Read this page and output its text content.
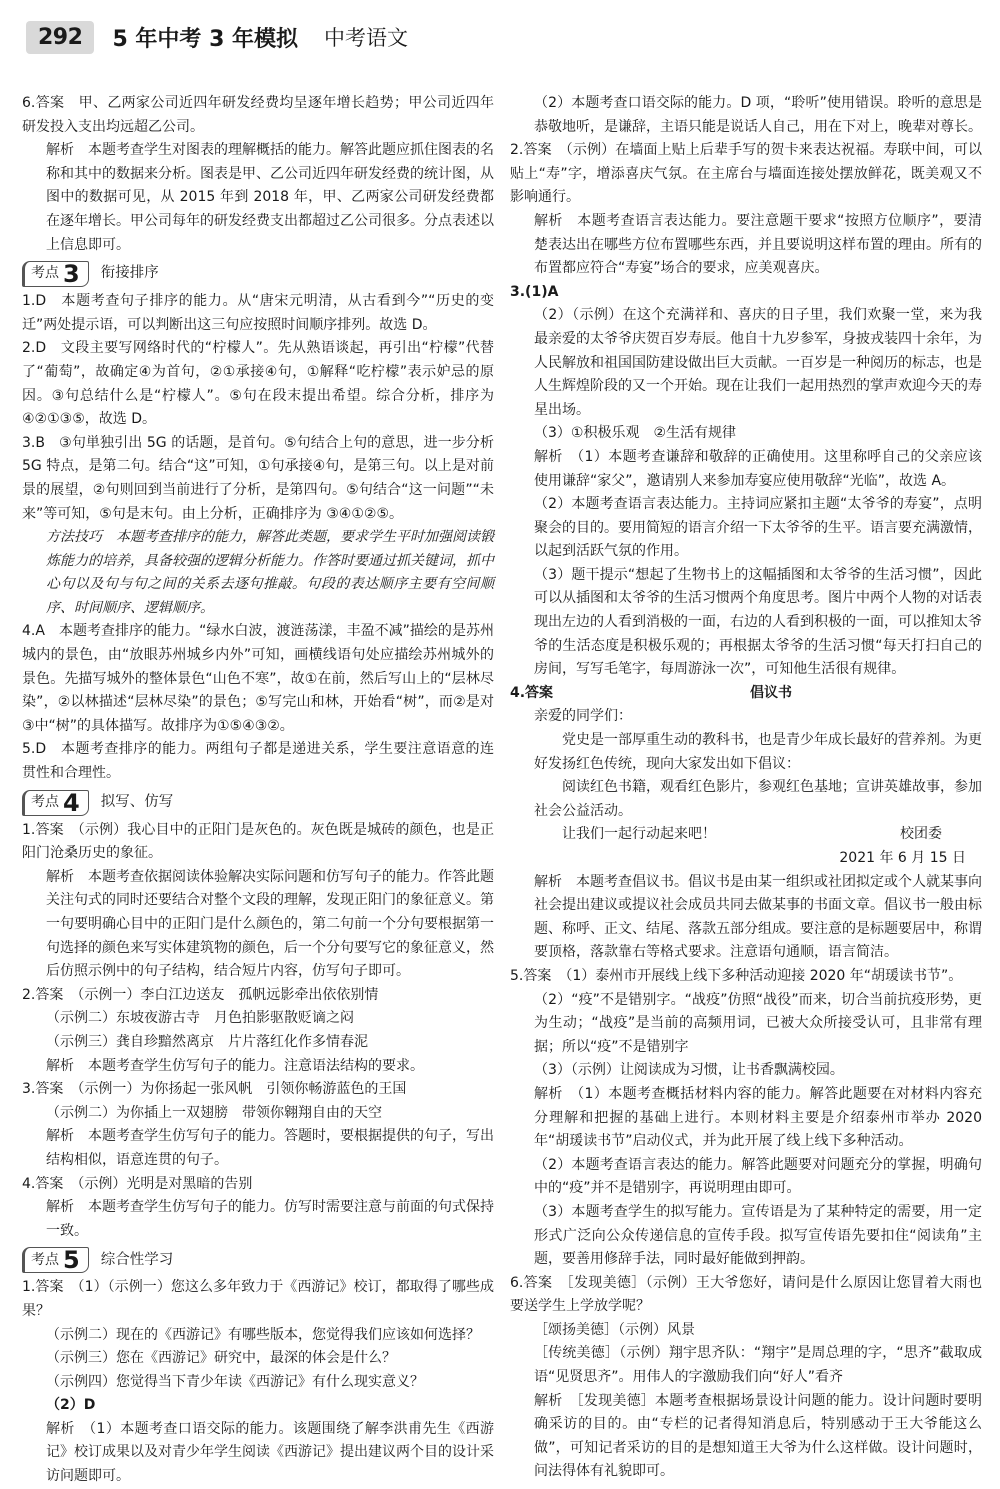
292	5 年中考 3 年模拟 中考语文

6.答案　甲、乙两家公司近四年研发经费均呈逐年增长趋势；甲公司近四年研发投入支出均远超乙公司。

解析　本题考查学生对图表的理解概括的能力。解答此题应抓住图表的名称和其中的数据来分析。图表是甲、乙公司近四年研发经费的统计图，从图中的数据可见，从 2015 年到 2018 年，甲、乙两家公司研发经费都在逐年增长。甲公司每年的研发经费支出都超过乙公司很多。分点表述以上信息即可。

考点 3 衔接排序

1.D　本题考查句子排序的能力。从“唐宋元明清，从古看到今”“历史的变迁”两处提示语，可以判断出这三句应按照时间顺序排列。故选 D。

2.D　文段主要写网络时代的“柠檬人”。先从熟语谈起，再引出“柠檬”代替了“葡萄”，故确定④为首句，②①承接④句，①解释“吃柠檬”表示妒忌的原因。③句总结什么是“柠檬人”。⑤句在段末提出希望。综合分析，排序为④②①③⑤，故选 D。

3.B　③句単独引出 5G 的话题，是首句。⑤句结合上句的意思，进一步分析 5G 特点，是第二句。结合“这”可知，①句承接④句，是第三句。以上是对前景的展望，②句则回到当前进行了分析，是第四句。⑤句结合“这一问题”“未来”等可知，⑤句是末句。由上分析，正确排序为 ③④①②⑤。

方法技巧　本题考查排序的能力，解答此类题，要求学生平时加强阅读锻炼能力的培养，具备较强的逻辑分析能力。作答时要通过抓关键词，抓中心句以及句与句之间的关系去逐句推敲。句段的表达顺序主要有空间顺序、时间顺序、逻辑顺序。

4.A　本题考查排序的能力。“绿水白波，渡涟荡漾，丰盈不减”描绘的是苏州城内的景色，由“放眼苏州城乡内外”可知，画横线语句处应描绘苏州城外的景色。先描写城外的整体景色“山色不寒”，故①在前，然后写山上的“层林尽染”，②以林描述“层林尽染”的景色；⑤写完山和林，开始看“树”，而②是对③中“树”的具体描写。故排序为①⑤④③②。

5.D　本题考查排序的能力。两组句子都是递进关系，学生要注意语意的连贯性和合理性。

考点 4 拟写、仿写

1.答案　（示例）我心目中的正阳门是灰色的。灰色既是城砖的颜色，也是正阳门沧桑历史的象征。

解析　本题考查依据阅读体验解决实际问题和仿写句子的能力。作答此题关注句式的同时还要结合对整个文段的理解，发现正阳门的象征意义。第一句要明确心目中的正阳门是什么颜色的，第二句前一个分句要根据第一句选择的颜色来写实体建筑物的颜色，后一个分句要写它的象征意义，然后仿照示例中的句子结构，结合短片内容，仿写句子即可。

2.答案　（示例一）李白江边送友　孤帆远影牵出依依别情

（示例二）东坡夜游古寺　月色拍影驱散贬谪之闷

（示例三）龚自珍黯然离京　片片落红化作多情春泥

解析　本题考查学生仿写句子的能力。注意语法结构的要求。

3.答案　（示例一）为你扬起一张风帆　引领你畅游蓝色的王国

（示例二）为你插上一双翅膀　带领你翱翔自由的天空

解析　本题考查学生仿写句子的能力。答题时，要根据提供的句子，写出结构相似，语意连贯的句子。

4.答案　（示例）光明是对黑暗的告别

解析　本题考查学生仿写句子的能力。仿写时需要注意与前面的句式保持一致。

考点 5 综合性学习

1.答案　（1）（示例一）您这么多年致力于《西游记》校订，都取得了哪些成果？

（示例二）现在的《西游记》有哪些版本，您觉得我们应该如何选择？

（示例三）您在《西游记》研究中，最深的体会是什么？

（示例四）您觉得当下青少年读《西游记》有什么现实意义？

（2）D

解析　（1）本题考查口语交际的能力。该题围绕了解李洪甫先生《西游记》校订成果以及对青少年学生阅读《西游记》提出建议两个目的设计采访问题即可。

（2）本题考查口语交际的能力。D 项，“聆听”使用错误。聆听的意思是恭敬地听，是谦辞，主语只能是说话人自己，用在下对上，晚辈对尊长。

2.答案　（示例）在墙面上贴上后辈手写的贺卡来表达祝福。寿联中间，可以贴上“寿”字，增添喜庆气氛。在主席台与墙面连接处摆放鲜花，既美观又不影响通行。

解析　本题考查语言表达能力。要注意题干要求“按照方位顺序”，要清楚表达出在哪些方位布置哪些东西，并且要说明这样布置的理由。所有的布置都应符合“寿宴”场合的要求，应美观喜庆。

3.(1)A

（2）（示例）在这个充满祥和、喜庆的日子里，我们欢聚一堂，来为我最亲爱的太爷爷庆贺百岁寿辰。他自十九岁参军，身披戎装四十余年，为人民解放和祖国国防建设做出巨大贡献。一百岁是一种阅历的标志，也是人生辉煌阶段的又一个开始。现在让我们一起用热烈的掌声欢迎今天的寿星出场。

（3）①积极乐观　②生活有规律

解析　（1）本题考查谦辞和敬辞的正确使用。这里称呼自己的父亲应该使用谦辞“家父”，邀请别人来参加寿宴应使用敬辞“光临”，故选 A。

（2）本题考查语言表达能力。主持词应紧扣主题“太爷爷的寿宴”，点明聚会的目的。要用简短的语言介绍一下太爷爷的生平。语言要充满激情，以起到活跃气氛的作用。

（3）题干提示“想起了生物书上的这幅插图和太爷爷的生活习惯”，因此可以从插图和太爷爷的生活习惯两个角度思考。图片中两个人物的对话表现出左边的人看到消极的一面，右边的人看到积极的一面，可以推知太爷爷的生活态度是积极乐观的；再根据太爷爷的生活习惯“每天打扫自己的房间，写写毛笔字，每周游泳一次”，可知他生活很有规律。

4.答案	倡议书

亲爱的同学们：

党史是一部厚重生动的教科书，也是青少年成长最好的营养剂。为更好发扬红色传统，现向大家发出如下倡议：

阅读红色书籍，观看红色影片，参观红色基地；宣讲英雄故事，参加社会公益活动。

让我们一起行动起来吧！	校团委

2021 年 6 月 15 日

解析　本题考查倡议书。倡议书是由某一组织或社团拟定或个人就某事向社会提出建议或提议社会成员共同去做某事的书面文章。倡议书一般由标题、称呼、正文、结尾、落款五部分组成。要注意的是标题要居中，称谓要顶格，落款靠右等格式要求。注意语句通顺，语言简洁。

5.答案　（1）泰州市开展线上线下多种活动迎接 2020 年“胡瑗读书节”。

（2）“疫”不是错别字。“战疫”仿照“战役”而来，切合当前抗疫形势，更为生动；“战疫”是当前的高频用词，已被大众所接受认可，且非常有理据；所以“疫”不是错别字

（3）（示例）让阅读成为习惯，让书香飘满校园。

解析　（1）本题考查概括材料内容的能力。解答此题要在对材料内容充分理解和把握的基础上进行。本则材料主要是介绍泰州市举办 2020 年“胡瑗读书节”启动仪式，并为此开展了线上线下多种活动。

（2）本题考查语言表达的能力。解答此题要对问题充分的掌握，明确句中的“疫”并不是错别字，再说明理由即可。

（3）本题考查学生的拟写能力。宣传语是为了某种特定的需要，用一定形式广泛向公众传递信息的宣传手段。拟写宣传语先要扣住“阅读角”主题，要善用修辞手法，同时最好能做到押韵。

6.答案　［发现美德］（示例）王大爷您好，请问是什么原因让您冒着大雨也要送学生上学放学呢？

［颂扬美德］（示例）风景

［传统美德］（示例）翔宇思齐队：“翔宇”是周总理的字，“思齐”截取成语“见贤思齐”。用伟人的字激励我们向“好人”看齐

解析　［发现美德］本题考查根据场景设计问题的能力。设计问题时要明确采访的目的。由“专栏的记者得知消息后，特别感动于王大爷能这么做”，可知记者采访的目的是想知道王大爷为什么这样做。设计问题时，问法得体有礼貌即可。
